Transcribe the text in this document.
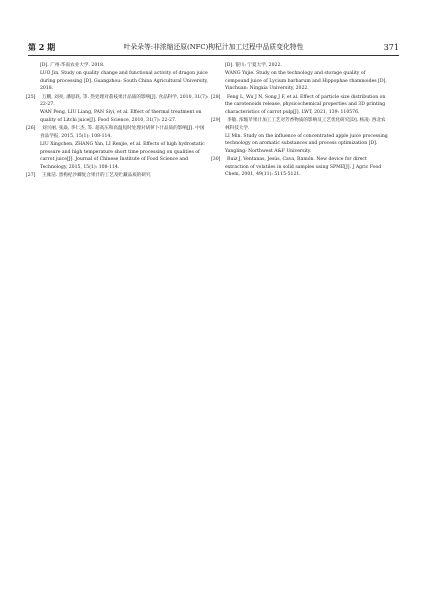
第 2 期	叶朵朵等:非浓缩还原(NFC)枸杞汁加工过程中品质变化特性	371
[D]. 广州:华南农业大学, 2018.
LUO Jin. Study on quality change and functional activity of dragon juice during processing [D]. Guangzhou: South China Agricultural University, 2018.
[25] 万鹏, 刘亮, 潘思轶, 等. 热处理对荔枝果汁品质的影响[J]. 食品科学, 2010, 31(7): 22-27.
WAN Peng, LIU Liang, PAN Siyi, et al. Effect of thermal treatment on quality of Litchi juice[J]. Food Science, 2010, 31(7): 22-27.
[26] 刘兴丽, 张焱, 李仁杰, 等. 超高压和高温短时处理对胡萝卜汁品质的影响[J]. 中国食品学报, 2015, 15(1): 108-114.
LIU Xingchen, ZHANG Yan, LI Renjie, et al. Effects of high hydrostatic pressure and high temperature short time processing on qualities of carrot juice[J]. Journal of Chinese Institute of Food Science and Technology, 2015, 15(1): 108-114.
[27] 王雍洁. 黑枸杞沙棘复合果汁的工艺及贮藏品质的研究
[D]. 银川: 宁夏大学, 2022.
WANG Yujie. Study on the technology and storage quality of compound juice of Lycium barbarum and Hippophae rhamnoides [D]. Yinchuan: Ningxia University, 2022.
[28] Feng L, Wu J N, Song J F, et al. Effect of particle size distribution on the carotenoids release, physicochemical properties and 3D printing characteristics of carrot pulp[J]. LWT, 2021, 139: 110576.
[29] 李敏. 浓缩苹果汁加工工艺对芳香物质的影响及工艺优化研究[D]. 杨凌: 西北农林科技大学.
LI Min. Study on the influence of concentrated apple juice processing technology on aromatic substances and process optimization [D]. Yangling: Northwest A&F University.
[30] Ruiz J, Ventanas, Jesús, Cava, Ramón. New device for direct extraction of volatiles in solid samples using SPME[J]. J Agric Food Chem, 2001, 49(11): 5115-5121.
